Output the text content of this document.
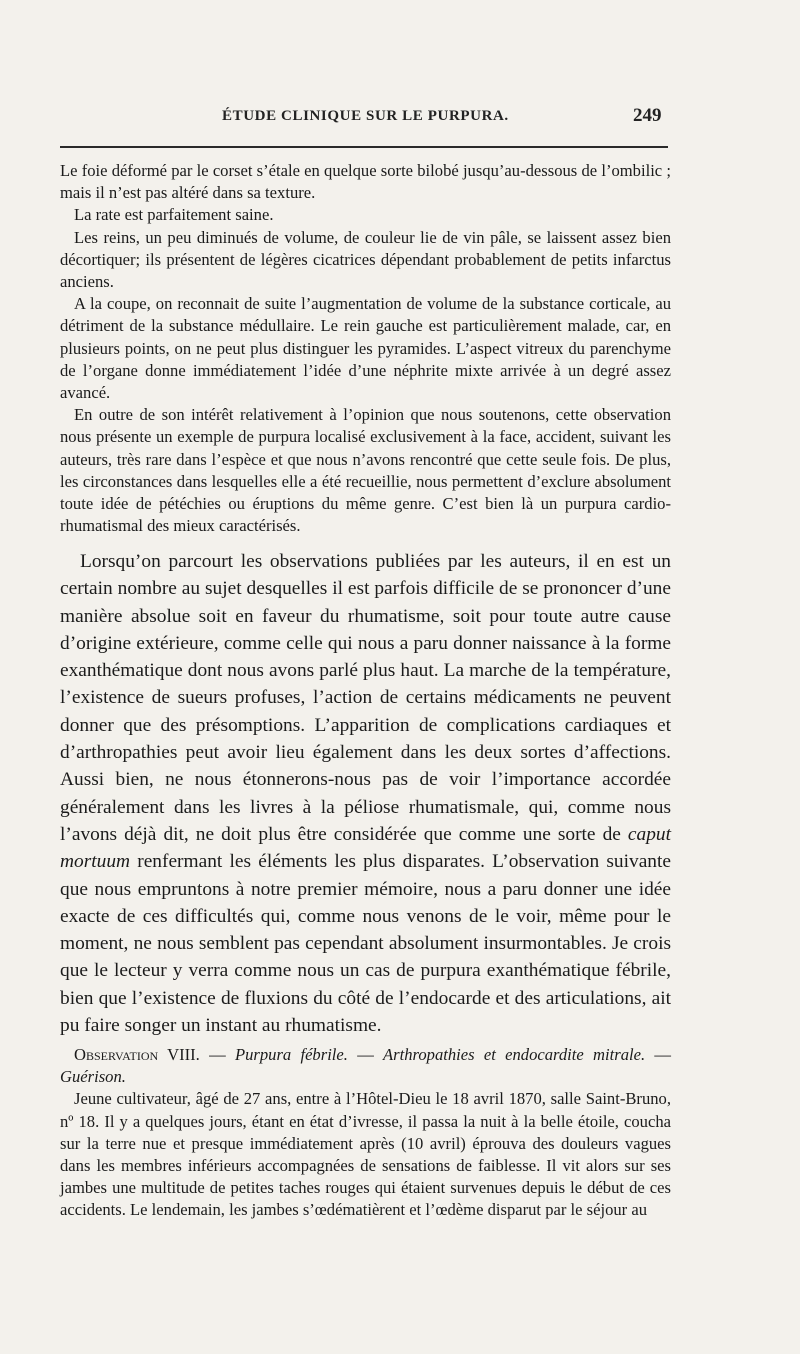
ÉTUDE CLINIQUE SUR LE PURPURA.	249

Le foie déformé par le corset s’étale en quelque sorte bilobé jusqu’au-dessous de l’ombilic ; mais il n’est pas altéré dans sa texture.

La rate est parfaitement saine.

Les reins, un peu diminués de volume, de couleur lie de vin pâle, se laissent assez bien décortiquer; ils présentent de légères cicatrices dépendant probablement de petits infarctus anciens.

A la coupe, on reconnait de suite l’augmentation de volume de la substance corticale, au détriment de la substance médullaire. Le rein gauche est particulièrement malade, car, en plusieurs points, on ne peut plus distinguer les pyramides. L’aspect vitreux du parenchyme de l’organe donne immédiatement l’idée d’une néphrite mixte arrivée à un degré assez avancé.

En outre de son intérêt relativement à l’opinion que nous soutenons, cette observation nous présente un exemple de purpura localisé exclusivement à la face, accident, suivant les auteurs, très rare dans l’espèce et que nous n’avons rencontré que cette seule fois. De plus, les circonstances dans lesquelles elle a été recueillie, nous permettent d’exclure absolument toute idée de pétéchies ou éruptions du même genre. C’est bien là un purpura cardio-rhumatismal des mieux caractérisés.

Lorsqu’on parcourt les observations publiées par les auteurs, il en est un certain nombre au sujet desquelles il est parfois difficile de se prononcer d’une manière absolue soit en faveur du rhumatisme, soit pour toute autre cause d’origine extérieure, comme celle qui nous a paru donner naissance à la forme exanthématique dont nous avons parlé plus haut. La marche de la température, l’existence de sueurs profuses, l’action de certains médicaments ne peuvent donner que des présomptions. L’apparition de complications cardiaques et d’arthropathies peut avoir lieu également dans les deux sortes d’affections. Aussi bien, ne nous étonnerons-nous pas de voir l’importance accordée généralement dans les livres à la péliose rhumatismale, qui, comme nous l’avons déjà dit, ne doit plus être considérée que comme une sorte de caput mortuum renfermant les éléments les plus disparates. L’observation suivante que nous empruntons à notre premier mémoire, nous a paru donner une idée exacte de ces difficultés qui, comme nous venons de le voir, même pour le moment, ne nous semblent pas cependant absolument insurmontables. Je crois que le lecteur y verra comme nous un cas de purpura exanthématique fébrile, bien que l’existence de fluxions du côté de l’endocarde et des articulations, ait pu faire songer un instant au rhumatisme.

Observation VIII. — Purpura fébrile. — Arthropathies et endocardite mitrale. — Guérison.

Jeune cultivateur, âgé de 27 ans, entre à l’Hôtel-Dieu le 18 avril 1870, salle Saint-Bruno, nº 18. Il y a quelques jours, étant en état d’ivresse, il passa la nuit à la belle étoile, coucha sur la terre nue et presque immédiatement après (10 avril) éprouva des douleurs vagues dans les membres inférieurs accompagnées de sensations de faiblesse. Il vit alors sur ses jambes une multitude de petites taches rouges qui étaient survenues depuis le début de ces accidents. Le lendemain, les jambes s’œdématièrent et l’œdème disparut par le séjour au
